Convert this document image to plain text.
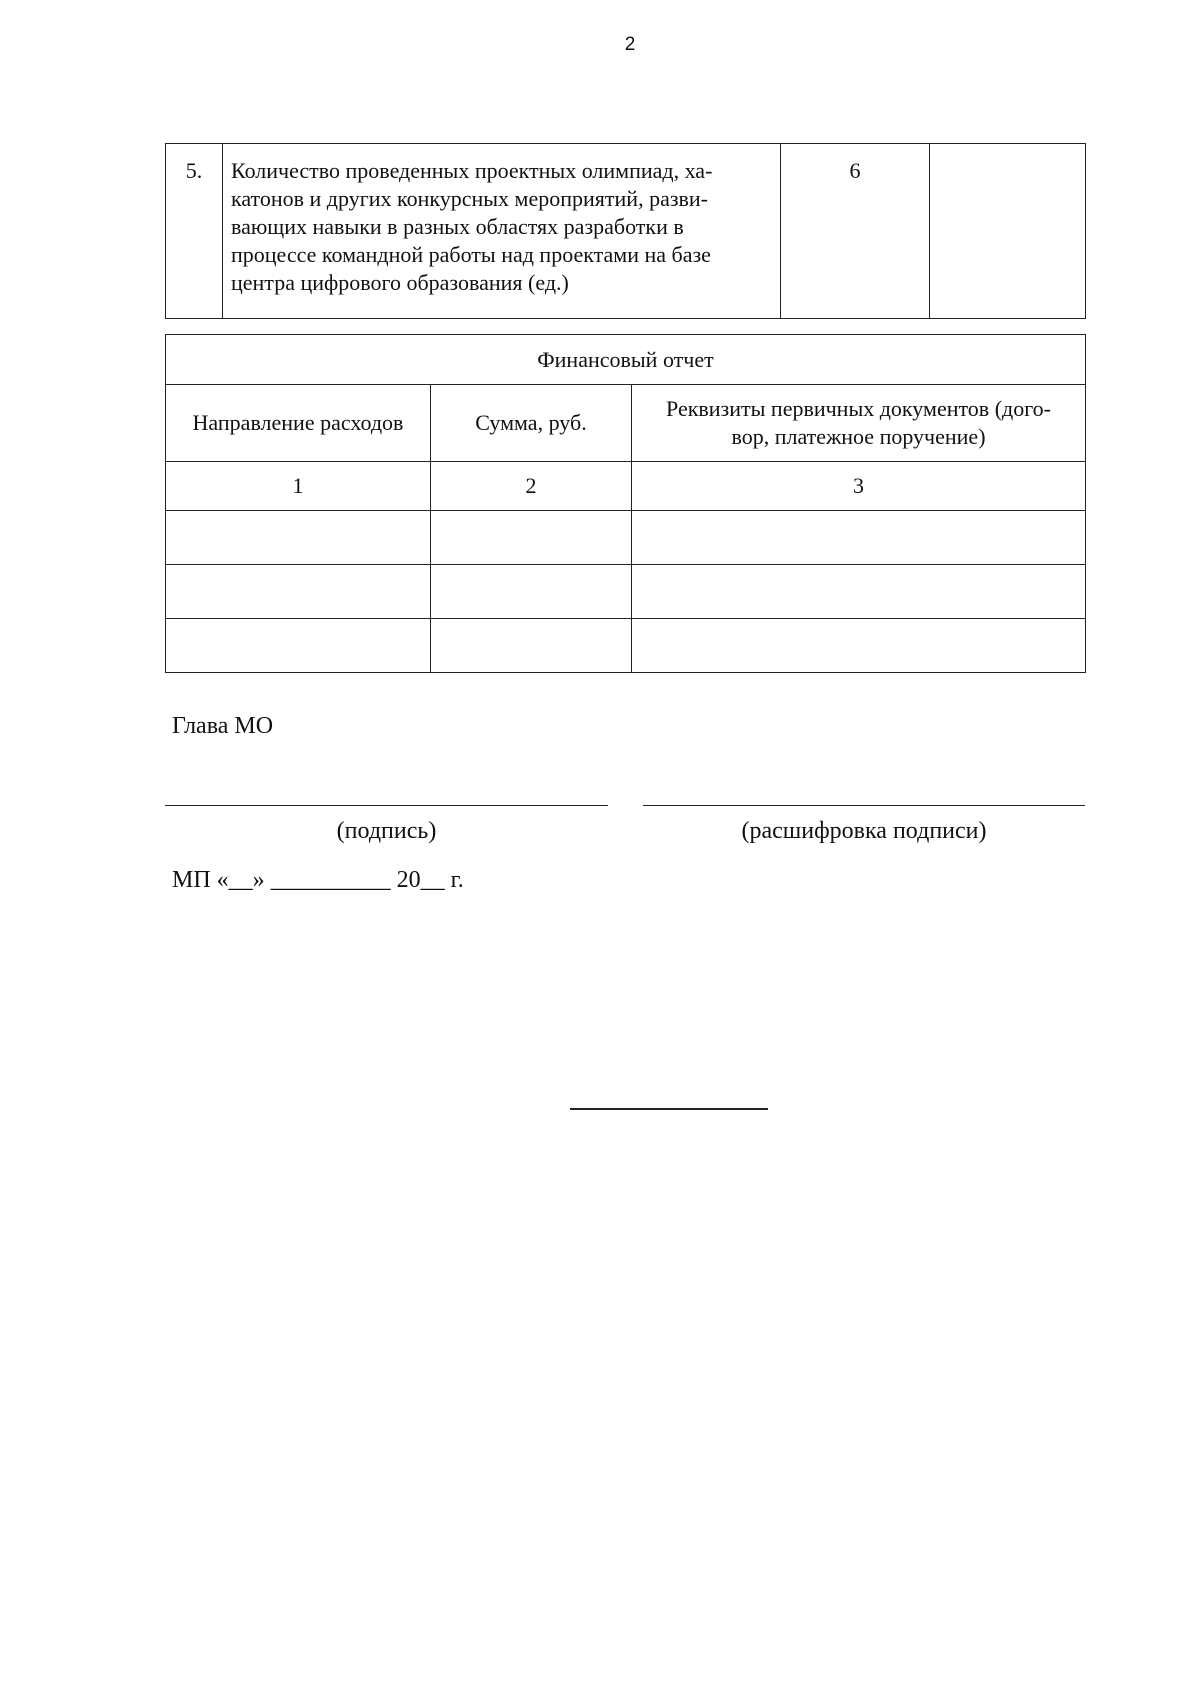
2
5.	Количество проведенных проектных олимпиад, ха-
катонов и других конкурсных мероприятий, разви-
вающих навыки в разных областях разработки в
процессе командной работы над проектами на базе
центра цифрового образования (ед.)
	6	
Финансовый отчет		
Направление расходов	Сумма, руб.	Реквизиты первичных документов (дого-
вор, платежное поручение)
1	2	3

Глава МО
(подпись)	(расшифровка подписи)
МП «__» __________ 20__ г.
